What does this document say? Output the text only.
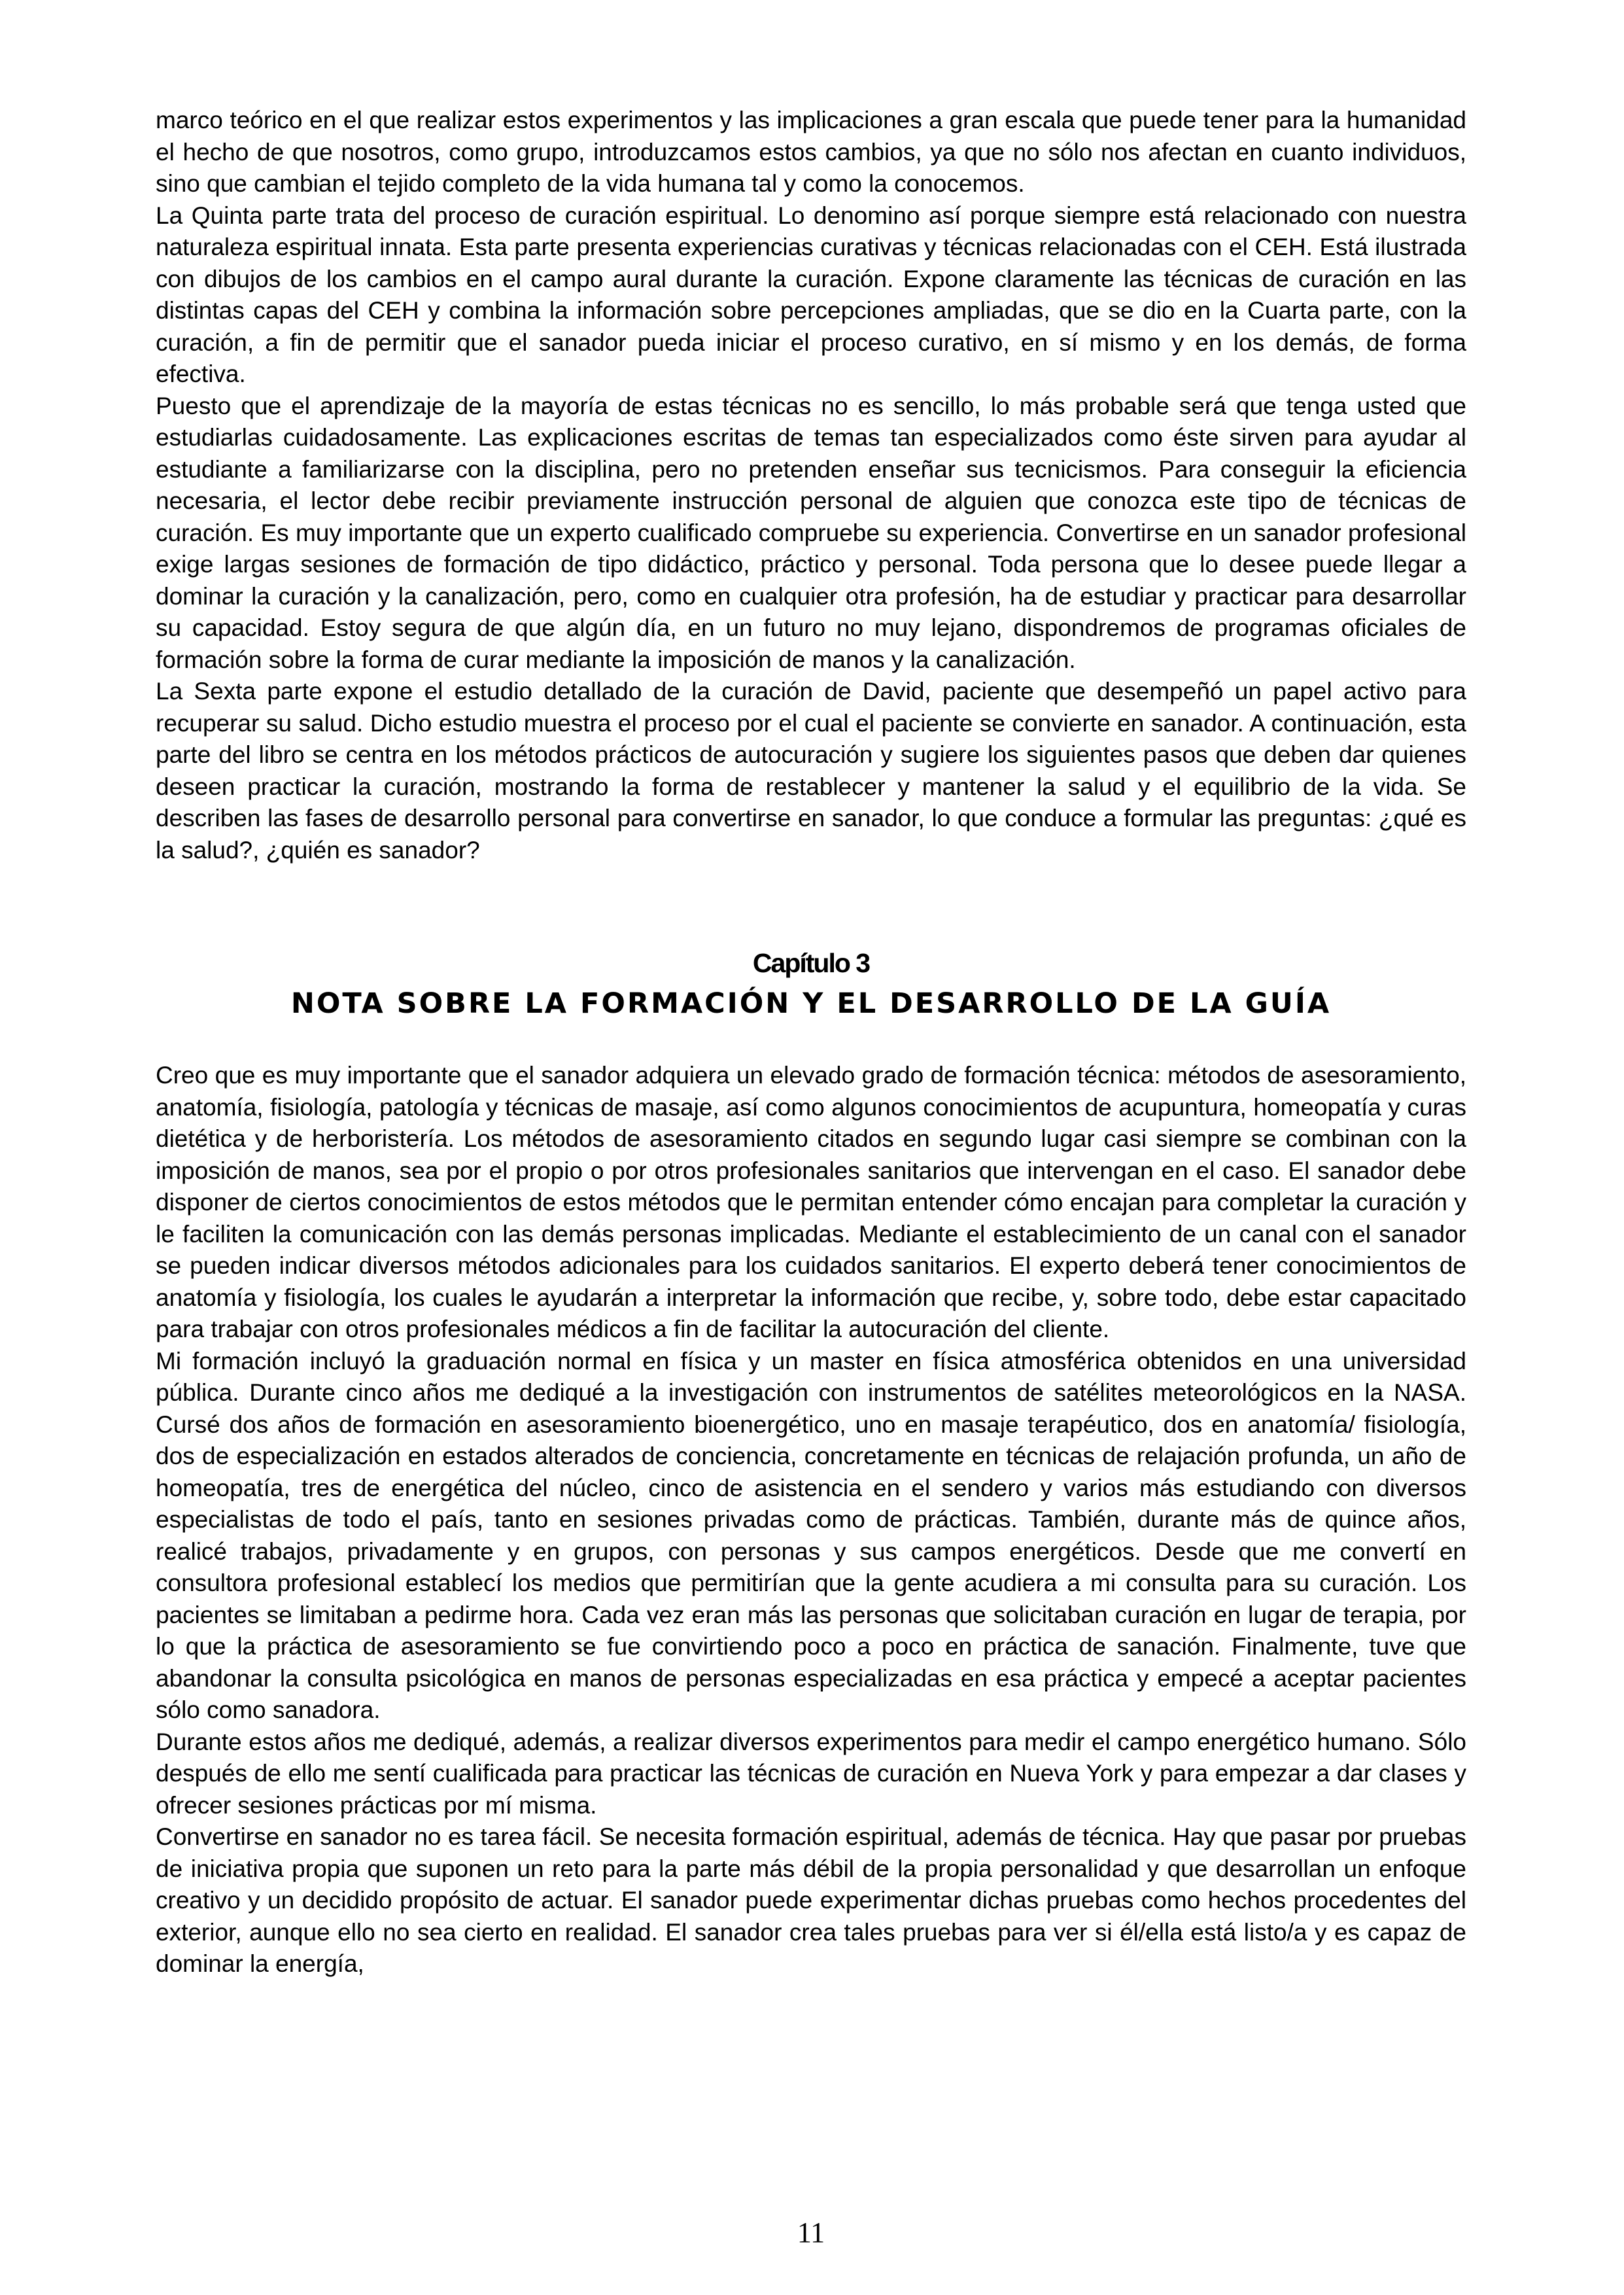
marco teórico en el que realizar estos experimentos y las implicaciones a gran escala que puede tener para la humanidad el hecho de que nosotros, como grupo, introduzcamos estos cambios, ya que no sólo nos afectan en cuanto individuos, sino que cambian el tejido completo de la vida humana tal y como la conocemos.

La Quinta parte trata del proceso de curación espiritual. Lo denomino así porque siempre está relacionado con nuestra naturaleza espiritual innata. Esta parte presenta experiencias curativas y técnicas relacionadas con el CEH. Está ilustrada con dibujos de los cambios en el campo aural durante la curación. Expone claramente las técnicas de curación en las distintas capas del CEH y combina la información sobre percepciones ampliadas, que se dio en la Cuarta parte, con la curación, a fin de permitir que el sanador pueda iniciar el proceso curativo, en sí mismo y en los demás, de forma efectiva.

Puesto que el aprendizaje de la mayoría de estas técnicas no es sencillo, lo más probable será que tenga usted que estudiarlas cuidadosamente. Las explicaciones escritas de temas tan especializados como éste sirven para ayudar al estudiante a familiarizarse con la disciplina, pero no pretenden enseñar sus tecnicismos. Para conseguir la eficiencia necesaria, el lector debe recibir previamente instrucción personal de alguien que conozca este tipo de técnicas de curación. Es muy importante que un experto cualificado compruebe su experiencia. Convertirse en un sanador profesional exige largas sesiones de formación de tipo didáctico, práctico y personal. Toda persona que lo desee puede llegar a dominar la curación y la canalización, pero, como en cualquier otra profesión, ha de estudiar y practicar para desarrollar su capacidad. Estoy segura de que algún día, en un futuro no muy lejano, dispondremos de programas oficiales de formación sobre la forma de curar mediante la imposición de manos y la canalización.

La Sexta parte expone el estudio detallado de la curación de David, paciente que desempeñó un papel activo para recuperar su salud. Dicho estudio muestra el proceso por el cual el paciente se convierte en sanador. A continuación, esta parte del libro se centra en los métodos prácticos de autocuración y sugiere los siguientes pasos que deben dar quienes deseen practicar la curación, mostrando la forma de restablecer y mantener la salud y el equilibrio de la vida. Se describen las fases de desarrollo personal para convertirse en sanador, lo que conduce a formular las preguntas: ¿qué es la salud?, ¿quién es sanador?

Capítulo 3
NOTA SOBRE LA FORMACIÓN Y EL DESARROLLO DE LA GUÍA

Creo que es muy importante que el sanador adquiera un elevado grado de formación técnica: métodos de asesoramiento, anatomía, fisiología, patología y técnicas de masaje, así como algunos conocimientos de acupuntura, homeopatía y curas dietética y de herboristería. Los métodos de asesoramiento citados en segundo lugar casi siempre se combinan con la imposición de manos, sea por el propio o por otros profesionales sanitarios que intervengan en el caso. El sanador debe disponer de ciertos conocimientos de estos métodos que le permitan entender cómo encajan para completar la curación y le faciliten la comunicación con las demás personas implicadas. Mediante el establecimiento de un canal con el sanador se pueden indicar diversos métodos adicionales para los cuidados sanitarios. El experto deberá tener conocimientos de anatomía y fisiología, los cuales le ayudarán a interpretar la información que recibe, y, sobre todo, debe estar capacitado para trabajar con otros profesionales médicos a fin de facilitar la autocuración del cliente.

Mi formación incluyó la graduación normal en física y un master en física atmosférica obtenidos en una universidad pública. Durante cinco años me dediqué a la investigación con instrumentos de satélites meteorológicos en la NASA. Cursé dos años de formación en asesoramiento bioenergético, uno en masaje terapéutico, dos en anatomía/ fisiología, dos de especialización en estados alterados de conciencia, concretamente en técnicas de relajación profunda, un año de homeopatía, tres de energética del núcleo, cinco de asistencia en el sendero y varios más estudiando con diversos especialistas de todo el país, tanto en sesiones privadas como de prácticas. También, durante más de quince años, realicé trabajos, privadamente y en grupos, con personas y sus campos energéticos. Desde que me convertí en consultora profesional establecí los medios que permitirían que la gente acudiera a mi consulta para su curación. Los pacientes se limitaban a pedirme hora. Cada vez eran más las personas que solicitaban curación en lugar de terapia, por lo que la práctica de asesoramiento se fue convirtiendo poco a poco en práctica de sanación. Finalmente, tuve que abandonar la consulta psicológica en manos de personas especializadas en esa práctica y empecé a aceptar pacientes sólo como sanadora.

Durante estos años me dediqué, además, a realizar diversos experimentos para medir el campo energético humano. Sólo después de ello me sentí cualificada para practicar las técnicas de curación en Nueva York y para empezar a dar clases y ofrecer sesiones prácticas por mí misma.

Convertirse en sanador no es tarea fácil. Se necesita formación espiritual, además de técnica. Hay que pasar por pruebas de iniciativa propia que suponen un reto para la parte más débil de la propia personalidad y que desarrollan un enfoque creativo y un decidido propósito de actuar. El sanador puede experimentar dichas pruebas como hechos procedentes del exterior, aunque ello no sea cierto en realidad. El sanador crea tales pruebas para ver si él/ella está listo/a y es capaz de dominar la energía,

11
